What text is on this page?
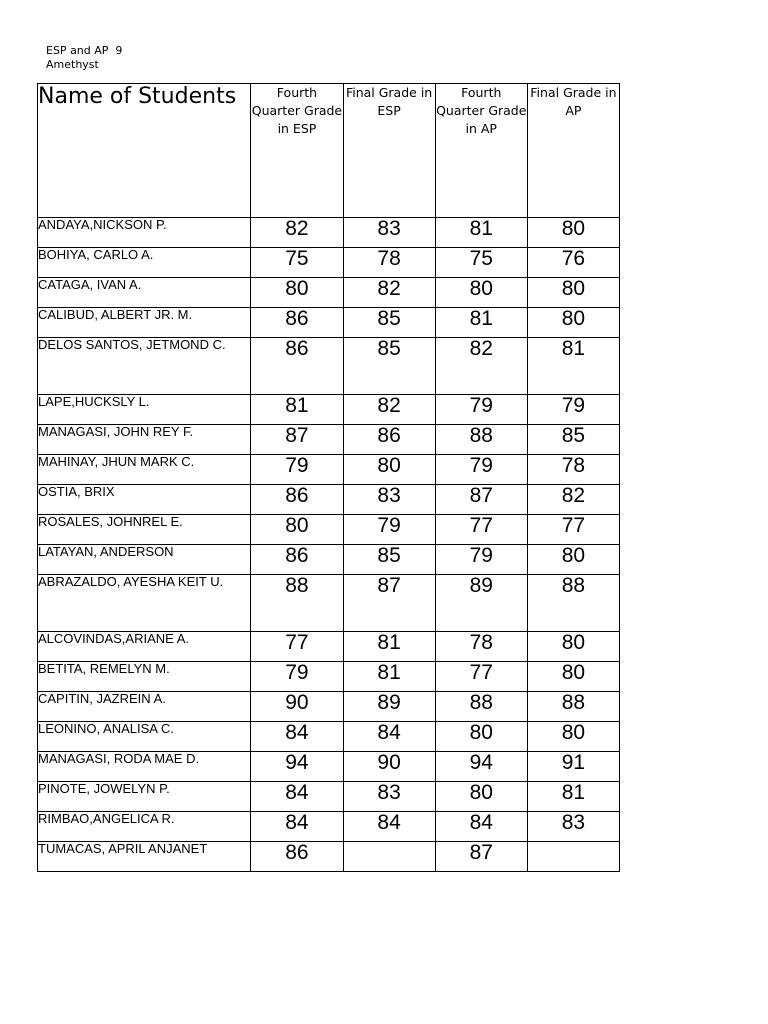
ESP and AP  9
Amethyst
Name of Students	Fourth Quarter Grade in ESP	Final Grade in ESP	Fourth Quarter Grade in AP	Final Grade in AP
ANDAYA,NICKSON P.	82	83	81	80
BOHIYA, CARLO A.	75	78	75	76
CATAGA, IVAN A.	80	82	80	80
CALIBUD, ALBERT JR. M.	86	85	81	80
DELOS SANTOS, JETMOND C.	86	85	82	81
LAPE,HUCKSLY L.	81	82	79	79
MANAGASI, JOHN REY F.	87	86	88	85
MAHINAY, JHUN MARK C.	79	80	79	78
OSTIA, BRIX	86	83	87	82
ROSALES, JOHNREL E.	80	79	77	77
LATAYAN, ANDERSON	86	85	79	80
ABRAZALDO, AYESHA KEIT U.	88	87	89	88
ALCOVINDAS,ARIANE A.	77	81	78	80
BETITA, REMELYN M.	79	81	77	80
CAPITIN, JAZREIN A.	90	89	88	88
LEONINO, ANALISA C.	84	84	80	80
MANAGASI, RODA MAE D.	94	90	94	91
PINOTE, JOWELYN P.	84	83	80	81
RIMBAO,ANGELICA R.	84	84	84	83
TUMACAS, APRIL ANJANET	86		87	
